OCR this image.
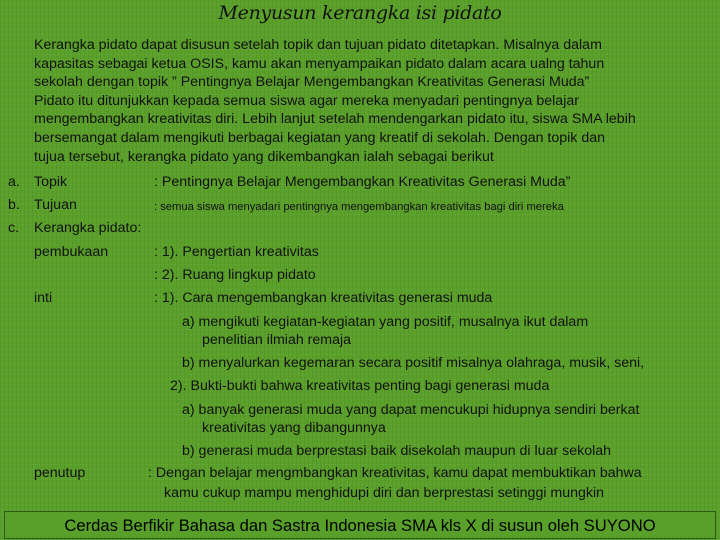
Menyusun kerangka isi pidato
Kerangka pidato dapat disusun setelah topik dan tujuan pidato ditetapkan. Misalnya dalam
kapasitas sebagai ketua OSIS, kamu akan menyampaikan pidato dalam acara ualng tahun
sekolah dengan topik ” Pentingnya Belajar Mengembangkan Kreativitas Generasi Muda”
Pidato itu ditunjukkan kepada semua siswa agar mereka menyadari pentingnya belajar
mengembangkan kreativitas diri. Lebih lanjut setelah mendengarkan pidato itu, siswa SMA lebih
bersemangat dalam mengikuti berbagai kegiatan yang kreatif di sekolah. Dengan topik dan
tujua tersebut, kerangka pidato yang dikembangkan ialah sebagai berikut
a. Topik	: Pentingnya Belajar Mengembangkan Kreativitas Generasi Muda”
b. Tujuan	: semua siswa menyadari pentingnya mengembangkan kreativitas bagi diri mereka
c. Kerangka pidato:
pembukaan	: 1). Pengertian kreativitas
: 2). Ruang lingkup pidato
inti	: 1). Cara mengembangkan kreativitas generasi muda
a) mengikuti kegiatan-kegiatan yang positif, musalnya ikut dalam
penelitian ilmiah remaja
b) menyalurkan kegemaran secara positif misalnya olahraga, musik, seni,
2). Bukti-bukti bahwa kreativitas penting bagi generasi muda
a) banyak generasi muda yang dapat mencukupi hidupnya sendiri berkat
kreativitas yang dibangunnya
b) generasi muda berprestasi baik disekolah maupun di luar sekolah
penutup	: Dengan belajar mengmbangkan kreativitas, kamu dapat membuktikan bahwa
kamu cukup mampu menghidupi diri dan berprestasi setinggi mungkin
Cerdas Berfikir Bahasa dan Sastra Indonesia SMA kls X di susun oleh SUYONO
